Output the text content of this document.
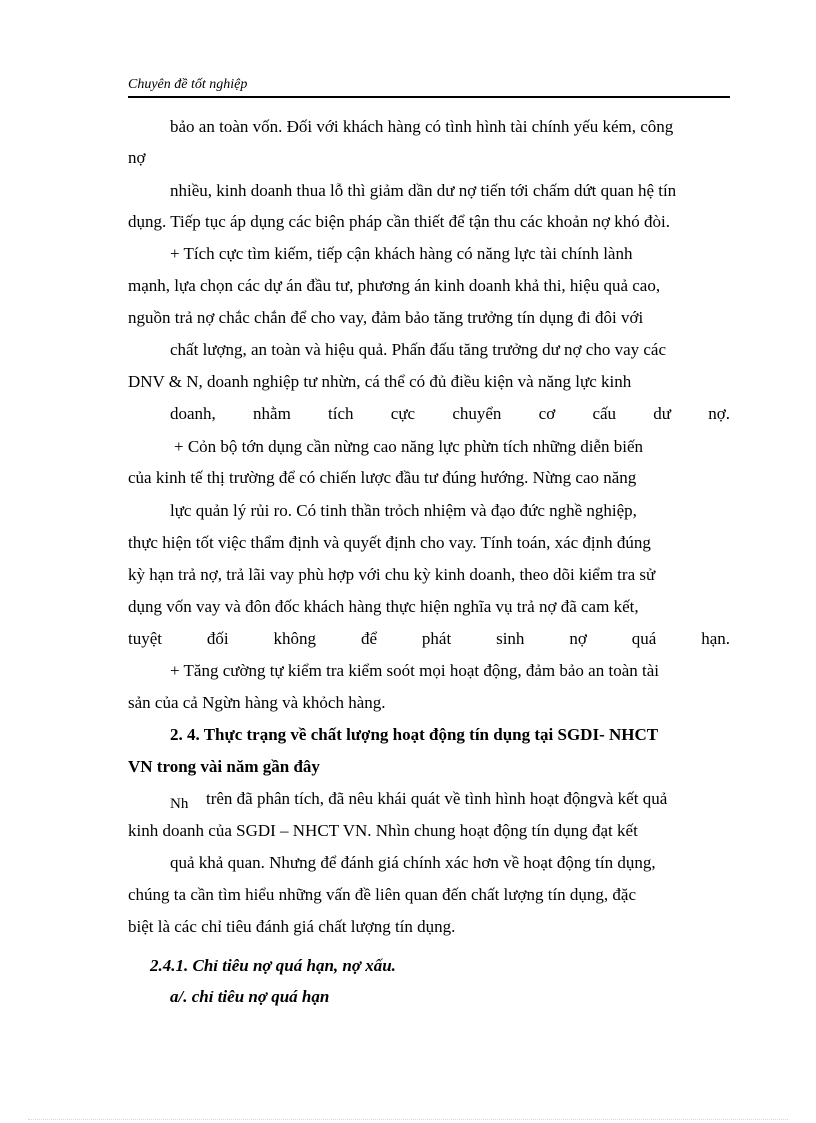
Chuyên đề tốt nghiệp
bảo an toàn vốn. Đối với khách hàng có tình hình tài chính yếu kém, công
nợ
nhiều, kinh doanh thua lỗ thì giảm dần dư nợ tiến tới chấm dứt quan hệ tín
dụng. Tiếp tục áp dụng các biện pháp cần thiết để tận thu các khoản nợ khó đòi.
+ Tích cực tìm kiếm, tiếp cận khách hàng có năng lực tài chính lành
mạnh, lựa chọn các dự án đầu tư, phương án kinh doanh khả thi, hiệu quả cao,
nguồn trả nợ chắc chắn để cho vay, đảm bảo tăng trưởng tín dụng đi đôi với
chất lượng, an toàn và hiệu quả. Phấn đấu tăng trưởng dư nợ cho vay các
DNV & N, doanh nghiệp tư nhừn, cá thể có đủ điều kiện và năng lực kinh
doanh, nhằm tích cực chuyển cơ cấu dư nợ.
+ Cỏn bộ tớn dụng cần nừng cao năng lực phừn tích những diễn biến
của kinh tế thị trường để có chiến lược đầu tư đúng hướng. Nừng cao năng
lực quản lý rủi ro. Có tinh thần trỏch nhiệm và đạo đức nghề nghiệp,
thực hiện tốt việc thẩm định và quyết định cho vay. Tính toán, xác định đúng
kỳ hạn trả nợ, trả lãi vay phù hợp với chu kỳ kinh doanh, theo dõi kiểm tra sử
dụng vốn vay và đôn đốc khách hàng thực hiện nghĩa vụ trả nợ đã cam kết,
tuyệt	đối	không	để	phát	sinh	nợ	quá	hạn.
+ Tăng cường tự kiểm tra kiểm soót mọi hoạt động, đảm bảo an toàn tài
sản của cả Ngừn hàng và khỏch hàng.
2. 4. Thực trạng về chất lượng hoạt động tín dụng tại SGDI- NHCT
VN trong vài năm gần đây
Nh trên đã phân tích, đã nêu khái quát về tình hình hoạt độngvà kết quả
kinh doanh của SGDI – NHCT VN. Nhìn chung hoạt động tín dụng đạt kết
quả khả quan. Nhưng để đánh giá chính xác hơn về hoạt động tín dụng,
chúng ta cần tìm hiểu những vấn đề liên quan đến chất lượng tín dụng, đặc
biệt là các chỉ tiêu đánh giá chất lượng tín dụng.
2.4.1. Chỉ tiêu nợ quá hạn, nợ xấu.
a/. chỉ tiêu nợ quá hạn
